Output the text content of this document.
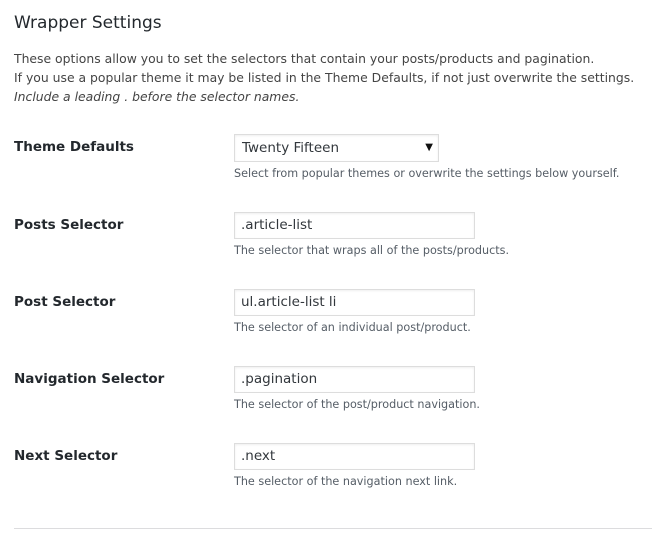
Wrapper Settings

These options allow you to set the selectors that contain your posts/products and pagination.

If you use a popular theme it may be listed in the Theme Defaults, if not just overwrite the settings.

Include a leading . before the selector names.

Theme Defaults	Twenty Fifteen	▼
Select from popular themes or overwrite the settings below yourself.
Posts Selector	.article-list
The selector that wraps all of the posts/products.
Post Selector	ul.article-list li
The selector of an individual post/product.
Navigation Selector	.pagination
The selector of the post/product navigation.
Next Selector	.next
The selector of the navigation next link.
